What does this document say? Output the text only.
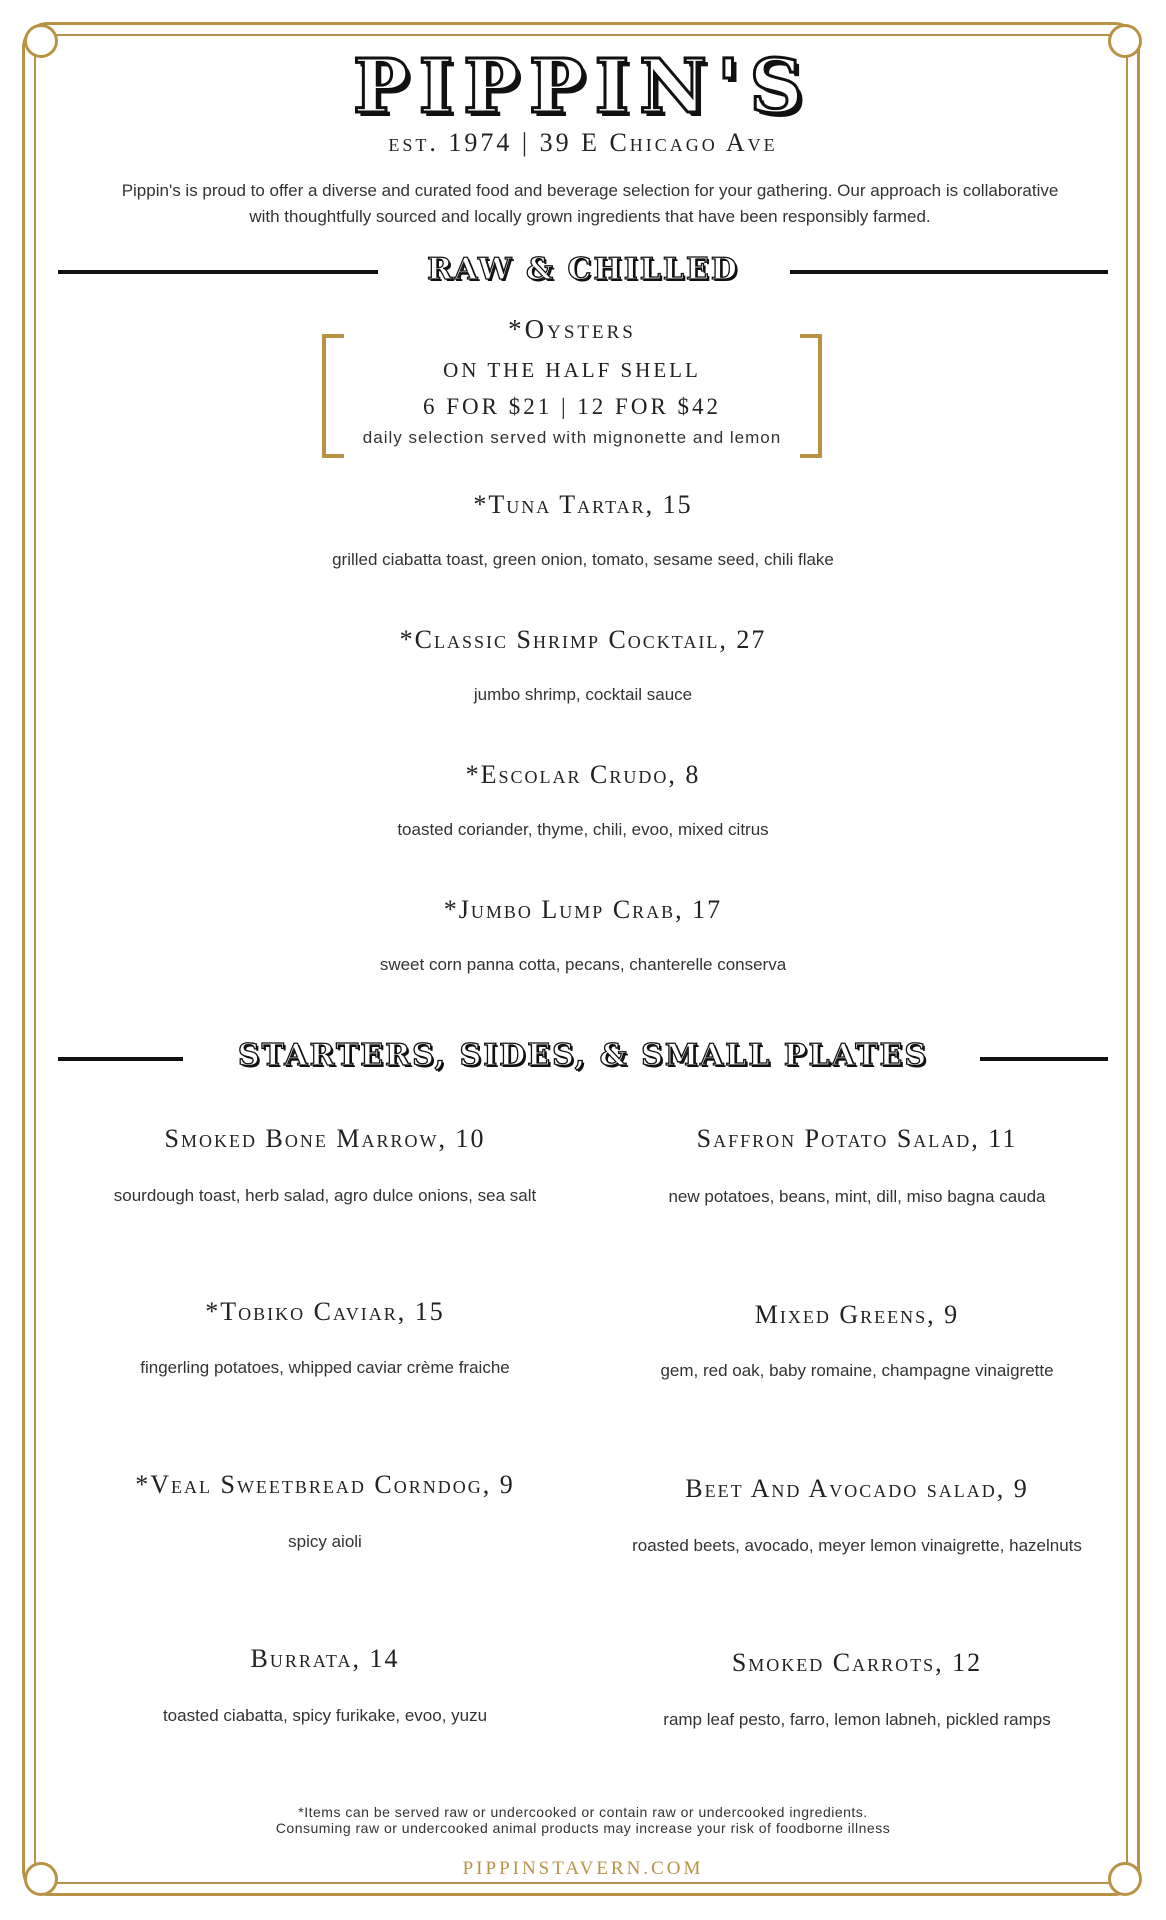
PIPPIN'S
est. 1974 | 39 E Chicago Ave
Pippin's is proud to offer a diverse and curated food and beverage selection for your gathering. Our approach is collaborative
with thoughtfully sourced and locally grown ingredients that have been responsibly farmed.
RAW & CHILLED
*Oysters
ON THE HALF SHELL
6 FOR $21 | 12 FOR $42
daily selection served with mignonette and lemon
*Tuna Tartar, 15
grilled ciabatta toast, green onion, tomato, sesame seed, chili flake
*Classic Shrimp Cocktail, 27
jumbo shrimp, cocktail sauce
*Escolar Crudo, 8
toasted coriander, thyme, chili, evoo, mixed citrus
*Jumbo Lump Crab, 17
sweet corn panna cotta, pecans, chanterelle conserva
STARTERS, SIDES, & SMALL PLATES
Smoked Bone Marrow, 10
sourdough toast, herb salad, agro dulce onions, sea salt
*Tobiko Caviar, 15
fingerling potatoes, whipped caviar crème fraiche
*Veal Sweetbread Corndog, 9
spicy aioli
Burrata, 14
toasted ciabatta, spicy furikake, evoo, yuzu
Saffron Potato Salad, 11
new potatoes, beans, mint, dill, miso bagna cauda
Mixed Greens, 9
gem, red oak, baby romaine, champagne vinaigrette
Beet And Avocado salad, 9
roasted beets, avocado, meyer lemon vinaigrette, hazelnuts
Smoked Carrots, 12
ramp leaf pesto, farro, lemon labneh, pickled ramps
*Items can be served raw or undercooked or contain raw or undercooked ingredients.
Consuming raw or undercooked animal products may increase your risk of foodborne illness
PIPPINSTAVERN.COM
